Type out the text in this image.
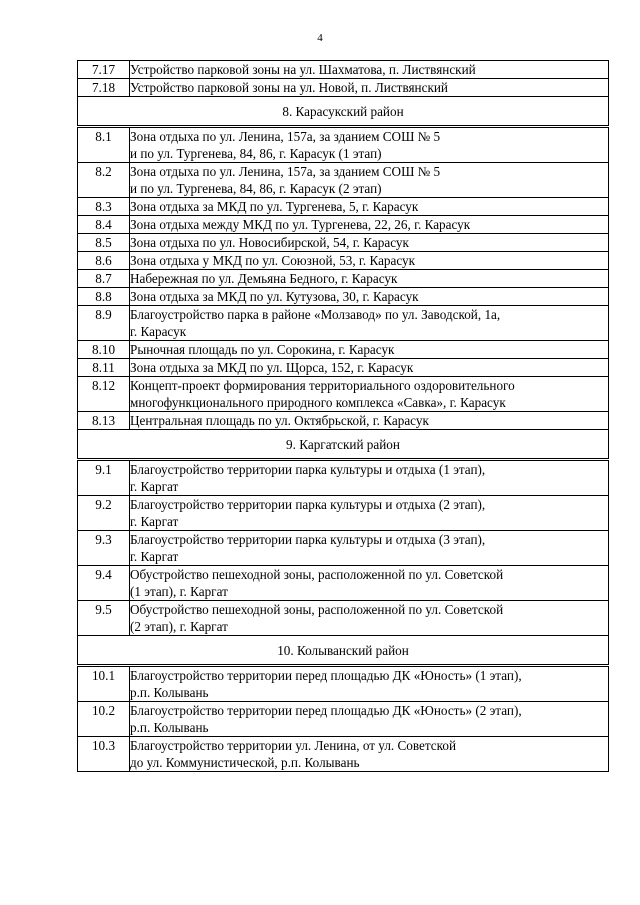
4
7.17	Устройство парковой зоны на ул. Шахматова, п. Листвянский

7.18	Устройство парковой зоны на ул. Новой, п. Листвянский

8. Карасукский район	
8.1	Зона отдыха по ул. Ленина, 157а, за зданием СОШ № 5
и по ул. Тургенева, 84, 86, г. Карасук (1 этап)

8.2	Зона отдыха по ул. Ленина, 157а, за зданием СОШ № 5
и по ул. Тургенева, 84, 86, г. Карасук (2 этап)

8.3	Зона отдыха за МКД по ул. Тургенева, 5, г. Карасук

8.4	Зона отдыха между МКД по ул. Тургенева, 22, 26, г. Карасук

8.5	Зона отдыха по ул. Новосибирской, 54, г. Карасук

8.6	Зона отдыха у МКД по ул. Союзной, 53, г. Карасук

8.7	Набережная по ул. Демьяна Бедного, г. Карасук

8.8	Зона отдыха за МКД по ул. Кутузова, 30, г. Карасук

8.9	Благоустройство парка в районе «Молзавод» по ул. Заводской, 1а,
г. Карасук

8.10	Рыночная площадь по ул. Сорокина, г. Карасук

8.11	Зона отдыха за МКД по ул. Щорса, 152, г. Карасук

8.12	Концепт-проект формирования территориального оздоровительного
многофункционального природного комплекса «Савка», г. Карасук

8.13	Центральная площадь по ул. Октябрьской, г. Карасук

9. Каргатский район	
9.1	Благоустройство территории парка культуры и отдыха (1 этап),
г. Каргат

9.2	Благоустройство территории парка культуры и отдыха (2 этап),
г. Каргат

9.3	Благоустройство территории парка культуры и отдыха (3 этап),
г. Каргат

9.4	Обустройство пешеходной зоны, расположенной по ул. Советской
(1 этап), г. Каргат

9.5	Обустройство пешеходной зоны, расположенной по ул. Советской
(2 этап), г. Каргат

10. Колыванский район	
10.1	Благоустройство территории перед площадью ДК «Юность» (1 этап),
р.п. Колывань

10.2	Благоустройство территории перед площадью ДК «Юность» (2 этап),
р.п. Колывань

10.3	Благоустройство территории ул. Ленина, от ул. Советской
до ул. Коммунистической, р.п. Колывань
